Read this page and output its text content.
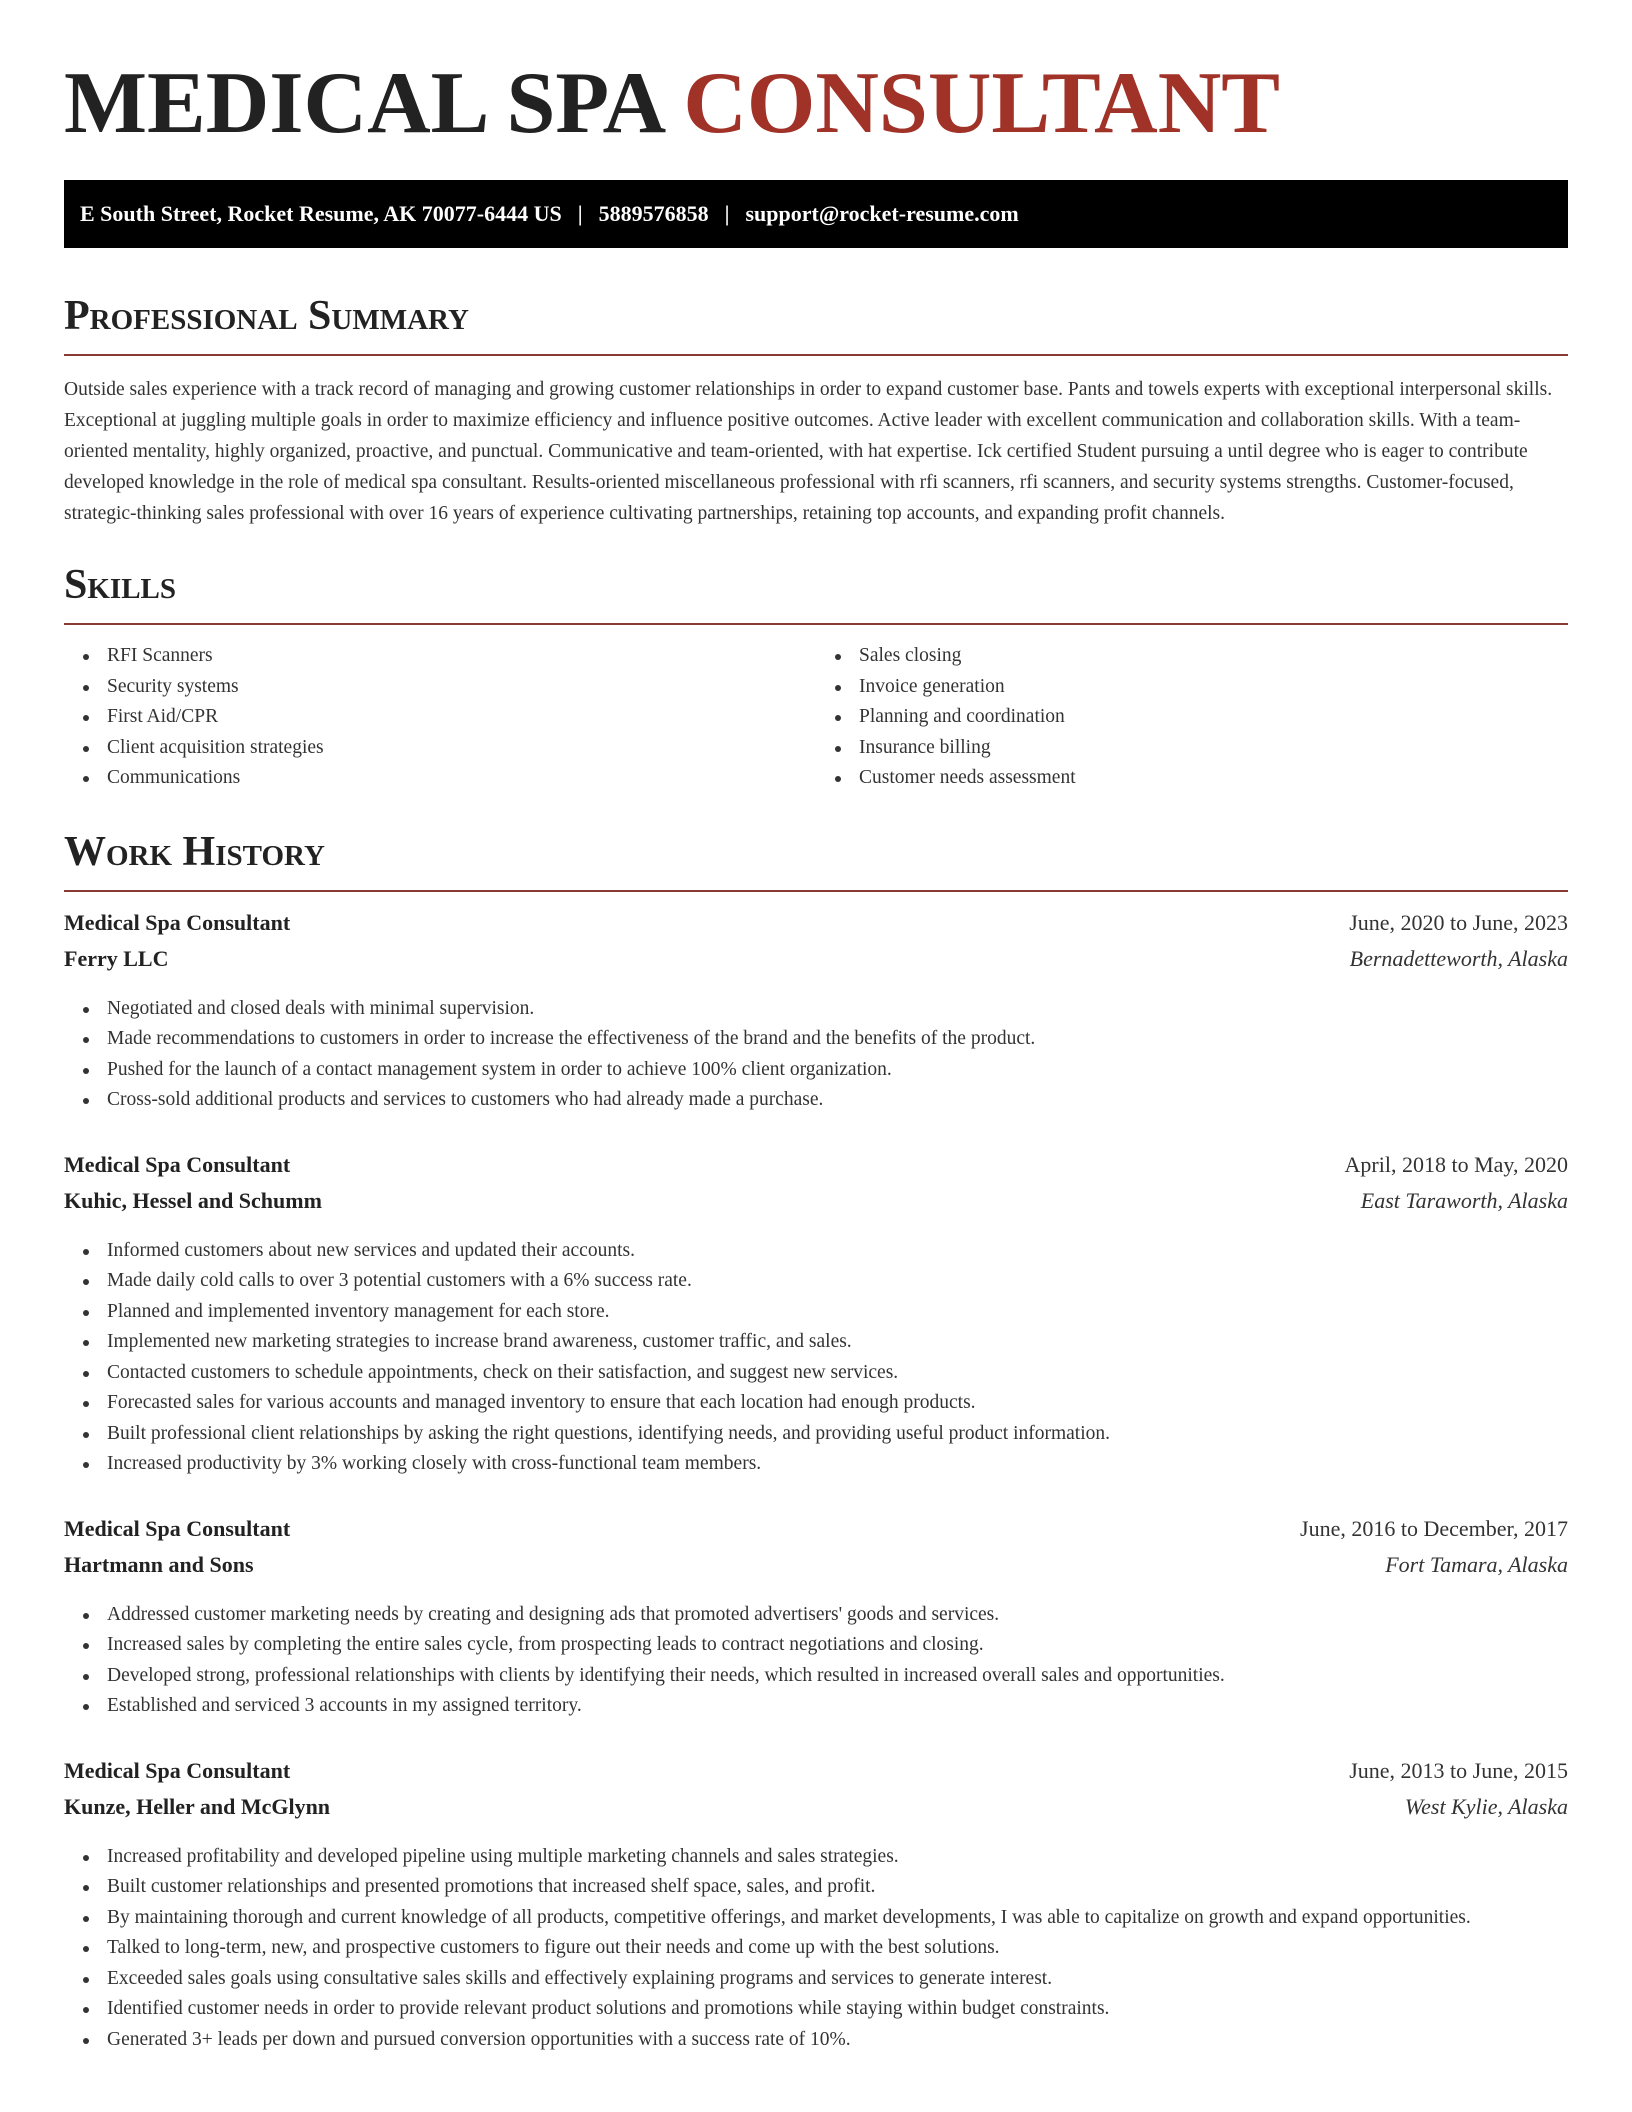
MEDICAL SPA CONSULTANT
E South Street, Rocket Resume, AK 70077-6444 US | 5889576858 | support@rocket-resume.com
Professional Summary

Outside sales experience with a track record of managing and growing customer relationships in order to expand customer base. Pants and towels experts with exceptional interpersonal skills. Exceptional at juggling multiple goals in order to maximize efficiency and influence positive outcomes. Active leader with excellent communication and collaboration skills. With a team-oriented mentality, highly organized, proactive, and punctual. Communicative and team-oriented, with hat expertise. Ick certified Student pursuing a until degree who is eager to contribute developed knowledge in the role of medical spa consultant. Results-oriented miscellaneous professional with rfi scanners, rfi scanners, and security systems strengths. Customer-focused, strategic-thinking sales professional with over 16 years of experience cultivating partnerships, retaining top accounts, and expanding profit channels.

Skills
RFI Scanners
Security systems
First Aid/CPR
Client acquisition strategies
Communications
Sales closing
Invoice generation
Planning and coordination
Insurance billing
Customer needs assessment
Work History
Medical Spa Consultant	June, 2020 to June, 2023
Ferry LLC	Bernadetteworth, Alaska
Negotiated and closed deals with minimal supervision.
Made recommendations to customers in order to increase the effectiveness of the brand and the benefits of the product.
Pushed for the launch of a contact management system in order to achieve 100% client organization.
Cross-sold additional products and services to customers who had already made a purchase.
Medical Spa Consultant	April, 2018 to May, 2020
Kuhic, Hessel and Schumm	East Taraworth, Alaska
Informed customers about new services and updated their accounts.
Made daily cold calls to over 3 potential customers with a 6% success rate.
Planned and implemented inventory management for each store.
Implemented new marketing strategies to increase brand awareness, customer traffic, and sales.
Contacted customers to schedule appointments, check on their satisfaction, and suggest new services.
Forecasted sales for various accounts and managed inventory to ensure that each location had enough products.
Built professional client relationships by asking the right questions, identifying needs, and providing useful product information.
Increased productivity by 3% working closely with cross-functional team members.
Medical Spa Consultant	June, 2016 to December, 2017
Hartmann and Sons	Fort Tamara, Alaska
Addressed customer marketing needs by creating and designing ads that promoted advertisers' goods and services.
Increased sales by completing the entire sales cycle, from prospecting leads to contract negotiations and closing.
Developed strong, professional relationships with clients by identifying their needs, which resulted in increased overall sales and opportunities.
Established and serviced 3 accounts in my assigned territory.
Medical Spa Consultant	June, 2013 to June, 2015
Kunze, Heller and McGlynn	West Kylie, Alaska
Increased profitability and developed pipeline using multiple marketing channels and sales strategies.
Built customer relationships and presented promotions that increased shelf space, sales, and profit.
By maintaining thorough and current knowledge of all products, competitive offerings, and market developments, I was able to capitalize on growth and expand opportunities.
Talked to long-term, new, and prospective customers to figure out their needs and come up with the best solutions.
Exceeded sales goals using consultative sales skills and effectively explaining programs and services to generate interest.
Identified customer needs in order to provide relevant product solutions and promotions while staying within budget constraints.
Generated 3+ leads per down and pursued conversion opportunities with a success rate of 10%.
